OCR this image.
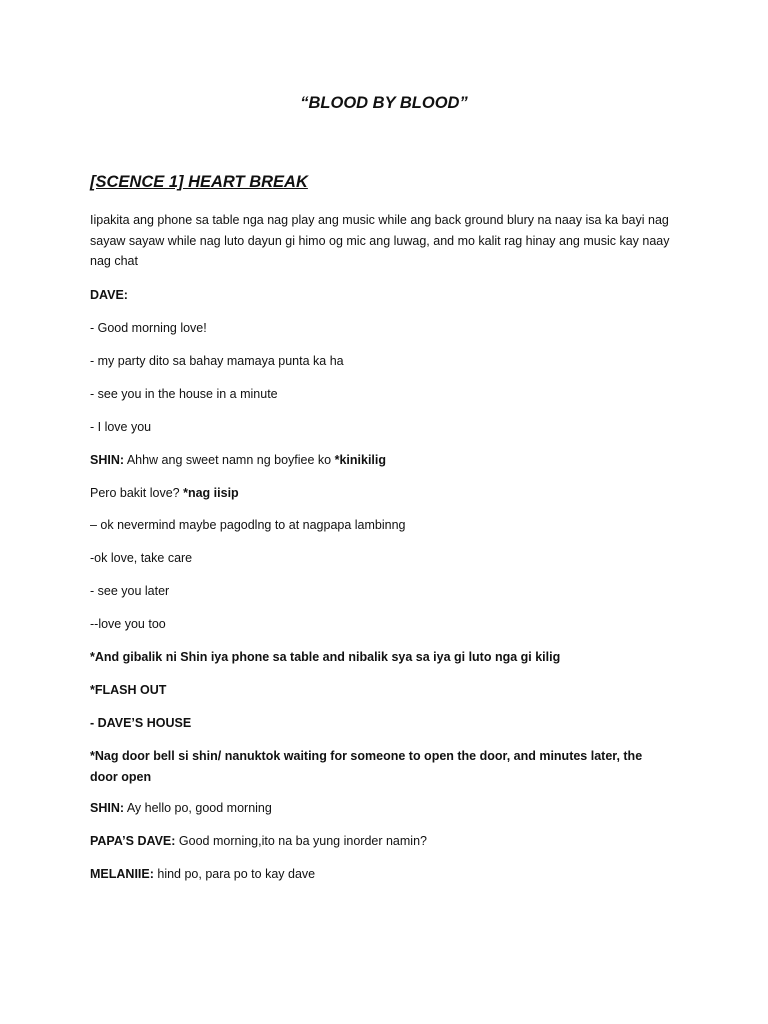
“BLOOD BY BLOOD”
[SCENCE 1] HEART BREAK
Iipakita ang phone sa table nga nag play ang music while ang back ground blury na naay isa ka bayi nag sayaw sayaw while nag luto dayun gi himo og mic ang luwag, and mo kalit rag hinay ang music kay naay nag chat
DAVE:
- Good morning love!
- my party dito sa bahay mamaya punta ka ha
- see you in the house in a minute
- I love you
SHIN: Ahhw ang sweet namn ng boyfiee ko *kinikilig
Pero bakit love? *nag iisip
– ok nevermind maybe pagodlng to at nagpapa lambinng
-ok love, take care
- see you later
--love you too
*And gibalik ni Shin iya phone sa table and nibalik sya sa iya gi luto nga gi kilig
*FLASH OUT
- DAVE’S HOUSE
*Nag door bell si shin/ nanuktok waiting for someone to open the door, and minutes later, the door open
SHIN: Ay hello po, good morning
PAPA’S DAVE: Good morning,ito na ba yung inorder namin?
MELANIIE: hind po, para po to kay dave
